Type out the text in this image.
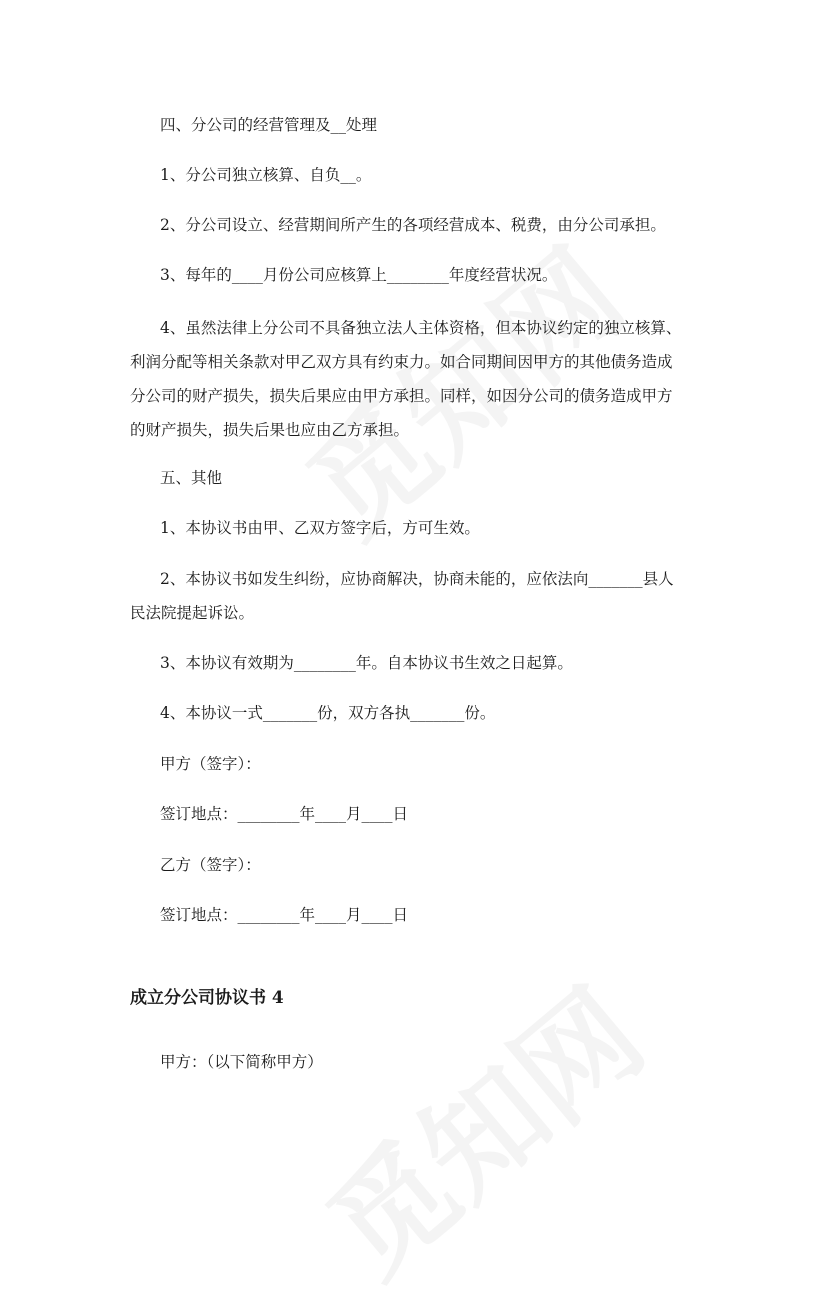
四、分公司的经营管理及__处理
1、分公司独立核算、自负__。
2、分公司设立、经营期间所产生的各项经营成本、税费，由分公司承担。
3、每年的____月份公司应核算上________年度经营状况。
4、虽然法律上分公司不具备独立法人主体资格，但本协议约定的独立核算、
利润分配等相关条款对甲乙双方具有约束力。如合同期间因甲方的其他债务造成
分公司的财产损失，损失后果应由甲方承担。同样，如因分公司的债务造成甲方
的财产损失，损失后果也应由乙方承担。
五、其他
1、本协议书由甲、乙双方签字后，方可生效。
2、本协议书如发生纠纷，应协商解决，协商未能的，应依法向_______县人
民法院提起诉讼。
3、本协议有效期为________年。自本协议书生效之日起算。
4、本协议一式_______份，双方各执_______份。
甲方（签字）：
签订地点：________年____月____日
乙方（签字）：
签订地点：________年____月____日
成立分公司协议书 4
甲方：（以下简称甲方）
